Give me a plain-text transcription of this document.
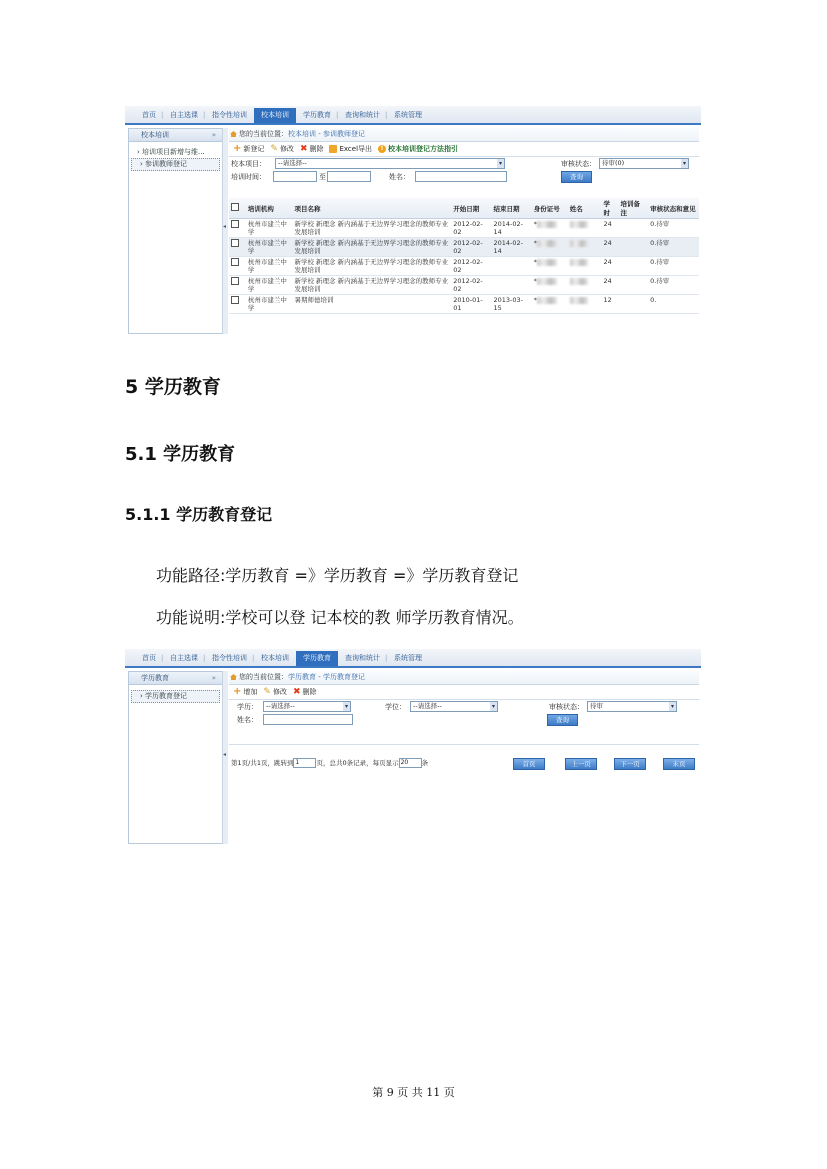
首页	| 自主选课	| 指令性培训	校本培训	学历教育	| 查询和统计	| 系统管理
校本培训	»
› 培训项目新增与维...
› 参训教师登记
◂
您的当前位置：校本培训 - 参训教师登记
+ 新登记 ✎ 修改 ✖ 删除 Excel导出	! 校本培训登记方法指引
校本项目：	--请选择-- ▾	审核状态： 待审(0) ▾
培训时间：	至	姓名：	查询
	培训机构	项目名称	开始日期	结束日期	身份证号	姓名	学时	培训备注	审核状态和意见
	杭州市建兰中学	新学校 新理念 新内涵基于无边界学习理念的教师专业发展培训	2012-02-02	2014-02-14	*		24		0.待审
	杭州市建兰中学	新学校 新理念 新内涵基于无边界学习理念的教师专业发展培训	2012-02-02	2014-02-14	*		24		0.待审
	杭州市建兰中学	新学校 新理念 新内涵基于无边界学习理念的教师专业发展培训	2012-02-02		*		24		0.待审
	杭州市建兰中学	新学校 新理念 新内涵基于无边界学习理念的教师专业发展培训	2012-02-02		*		24		0.待审
	杭州市建兰中学	暑期师德培训	2010-01-01	2013-03-15	*		12		0.
5 学历教育
5.1 学历教育
5.1.1 学历教育登记
功能路径:学历教育 =》学历教育 =》学历教育登记
功能说明:学校可以登 记本校的教 师学历教育情况。
首页	| 自主选课	| 指令性培训	| 校本培训	学历教育	查询和统计	| 系统管理
学历教育	»
› 学历教育登记
◂
您的当前位置：学历教育 - 学历教育登记
+ 增加 ✎ 修改 ✖ 删除
学历：	--请选择-- ▾	学位：	--请选择-- ▾	审核状态： 待审 ▾
姓名：	查询
第1页/共1页，跳转到 1	页，总共0条记录，每页显示 20 条	首页	上一页	下一页	末页
第 9 页 共 11 页
